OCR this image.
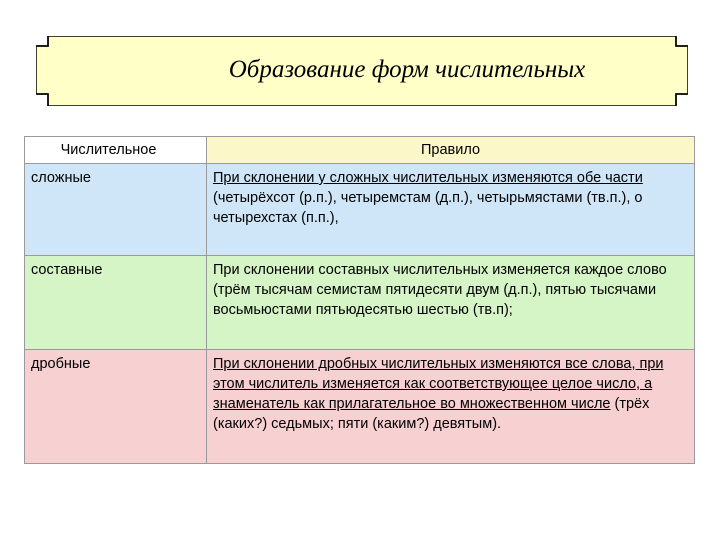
Образование форм числительных
Числительное	Правило
сложные	При склонении у сложных числительных изменяются обе части (четырёхсот (р.п.), четыремстам (д.п.), четырьмястами (тв.п.), о четырехстах (п.п.),
составные	При склонении составных числительных изменяется каждое слово (трём тысячам семистам пятидесяти двум (д.п.), пятью тысячами восьмьюстами пятьюдесятью шестью (тв.п);
дробные	При склонении дробных числительных изменяются все слова, при этом числитель изменяется как соответствующее целое число, а знаменатель как прилагательное во множественном числе (трёх (каких?) седьмых; пяти (каким?) девятым).
